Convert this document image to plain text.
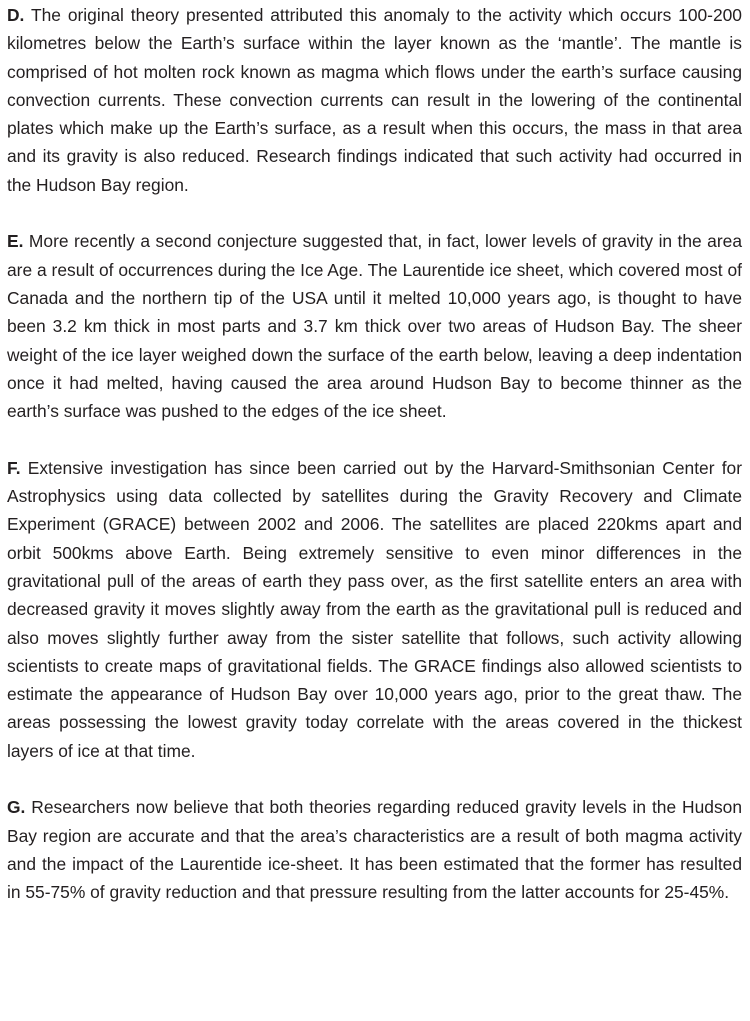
D. The original theory presented attributed this anomaly to the activity which occurs 100-200 kilometres below the Earth’s surface within the layer known as the ‘mantle’. The mantle is comprised of hot molten rock known as magma which flows under the earth’s surface causing convection currents. These convection currents can result in the lowering of the continental plates which make up the Earth’s surface, as a result when this occurs, the mass in that area and its gravity is also reduced. Research findings indicated that such activity had occurred in the Hudson Bay region.

E. More recently a second conjecture suggested that, in fact, lower levels of gravity in the area are a result of occurrences during the Ice Age. The Laurentide ice sheet, which covered most of Canada and the northern tip of the USA until it melted 10,000 years ago, is thought to have been 3.2 km thick in most parts and 3.7 km thick over two areas of Hudson Bay. The sheer weight of the ice layer weighed down the surface of the earth below, leaving a deep indentation once it had melted, having caused the area around Hudson Bay to become thinner as the earth’s surface was pushed to the edges of the ice sheet.

F. Extensive investigation has since been carried out by the Harvard-Smithsonian Center for Astrophysics using data collected by satellites during the Gravity Recovery and Climate Experiment (GRACE) between 2002 and 2006. The satellites are placed 220kms apart and orbit 500kms above Earth. Being extremely sensitive to even minor differences in the gravitational pull of the areas of earth they pass over, as the first satellite enters an area with decreased gravity it moves slightly away from the earth as the gravitational pull is reduced and also moves slightly further away from the sister satellite that follows, such activity allowing scientists to create maps of gravitational fields. The GRACE findings also allowed scientists to estimate the appearance of Hudson Bay over 10,000 years ago, prior to the great thaw. The areas possessing the lowest gravity today correlate with the areas covered in the thickest layers of ice at that time.

G. Researchers now believe that both theories regarding reduced gravity levels in the Hudson Bay region are accurate and that the area’s characteristics are a result of both magma activity and the impact of the Laurentide ice-sheet. It has been estimated that the former has resulted in 55-75% of gravity reduction and that pressure resulting from the latter accounts for 25-45%.
